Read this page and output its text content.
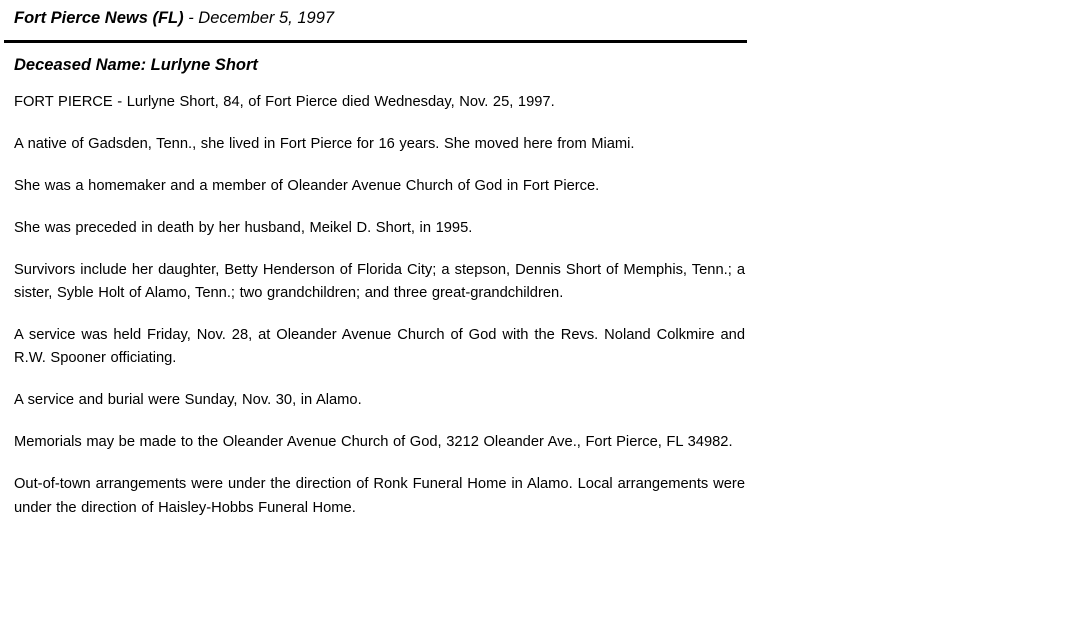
Fort Pierce News (FL) - December 5, 1997
Deceased Name: Lurlyne Short

FORT PIERCE - Lurlyne Short, 84, of Fort Pierce died Wednesday, Nov. 25, 1997.

A native of Gadsden, Tenn., she lived in Fort Pierce for 16 years. She moved here from Miami.

She was a homemaker and a member of Oleander Avenue Church of God in Fort Pierce.

She was preceded in death by her husband, Meikel D. Short, in 1995.

Survivors include her daughter, Betty Henderson of Florida City; a stepson, Dennis Short of Memphis, Tenn.; a sister, Syble Holt of Alamo, Tenn.; two grandchildren; and three great-grandchildren.

A service was held Friday, Nov. 28, at Oleander Avenue Church of God with the Revs. Noland Colkmire and R.W. Spooner officiating.

A service and burial were Sunday, Nov. 30, in Alamo.

Memorials may be made to the Oleander Avenue Church of God, 3212 Oleander Ave., Fort Pierce, FL 34982.

Out-of-town arrangements were under the direction of Ronk Funeral Home in Alamo. Local arrangements were under the direction of Haisley-Hobbs Funeral Home.
